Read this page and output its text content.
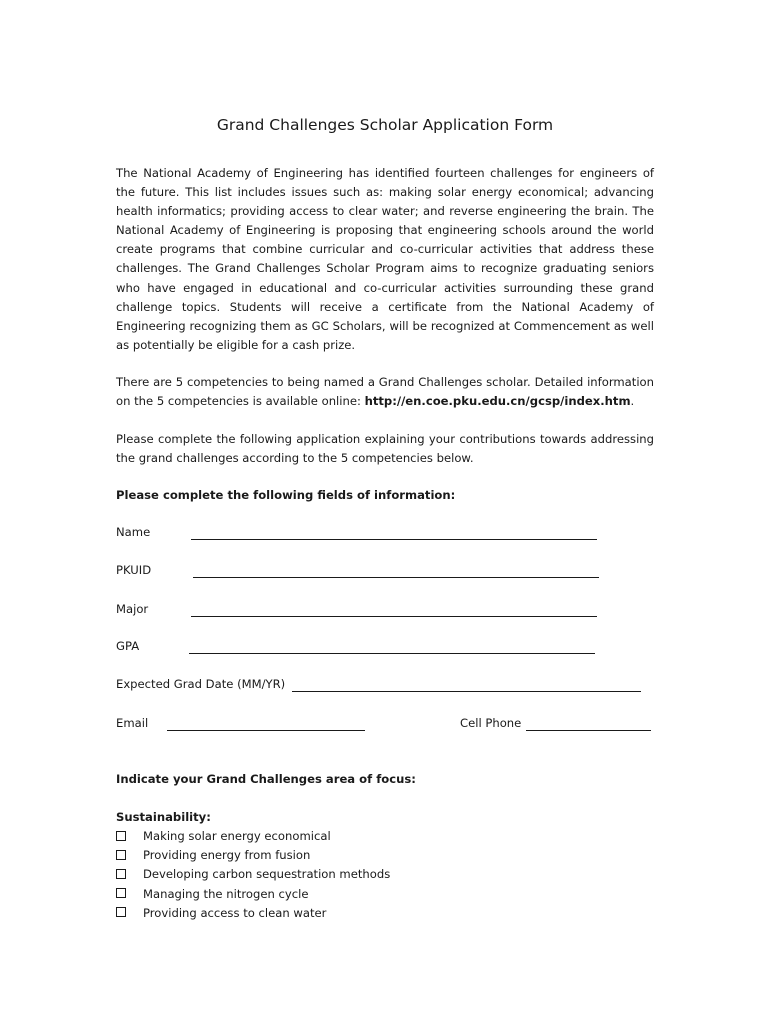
Grand Challenges Scholar Application Form

The National Academy of Engineering has identified fourteen challenges for engineers of the future. This list includes issues such as: making solar energy economical; advancing health informatics; providing access to clear water; and reverse engineering the brain. The National Academy of Engineering is proposing that engineering schools around the world create programs that combine curricular and co-curricular activities that address these challenges. The Grand Challenges Scholar Program aims to recognize graduating seniors who have engaged in educational and co-curricular activities surrounding these grand challenge topics. Students will receive a certificate from the National Academy of Engineering recognizing them as GC Scholars, will be recognized at Commencement as well as potentially be eligible for a cash prize.

There are 5 competencies to being named a Grand Challenges scholar. Detailed information on the 5 competencies is available online: http://en.coe.pku.edu.cn/gcsp/index.htm.

Please complete the following application explaining your contributions towards addressing the grand challenges according to the 5 competencies below.

Please complete the following fields of information:

Name
PKUID
Major
GPA
Expected Grad Date (MM/YR)
Email	Cell Phone

Indicate your Grand Challenges area of focus:

Sustainability:

Making solar energy economical
Providing energy from fusion
Developing carbon sequestration methods
Managing the nitrogen cycle
Providing access to clean water
